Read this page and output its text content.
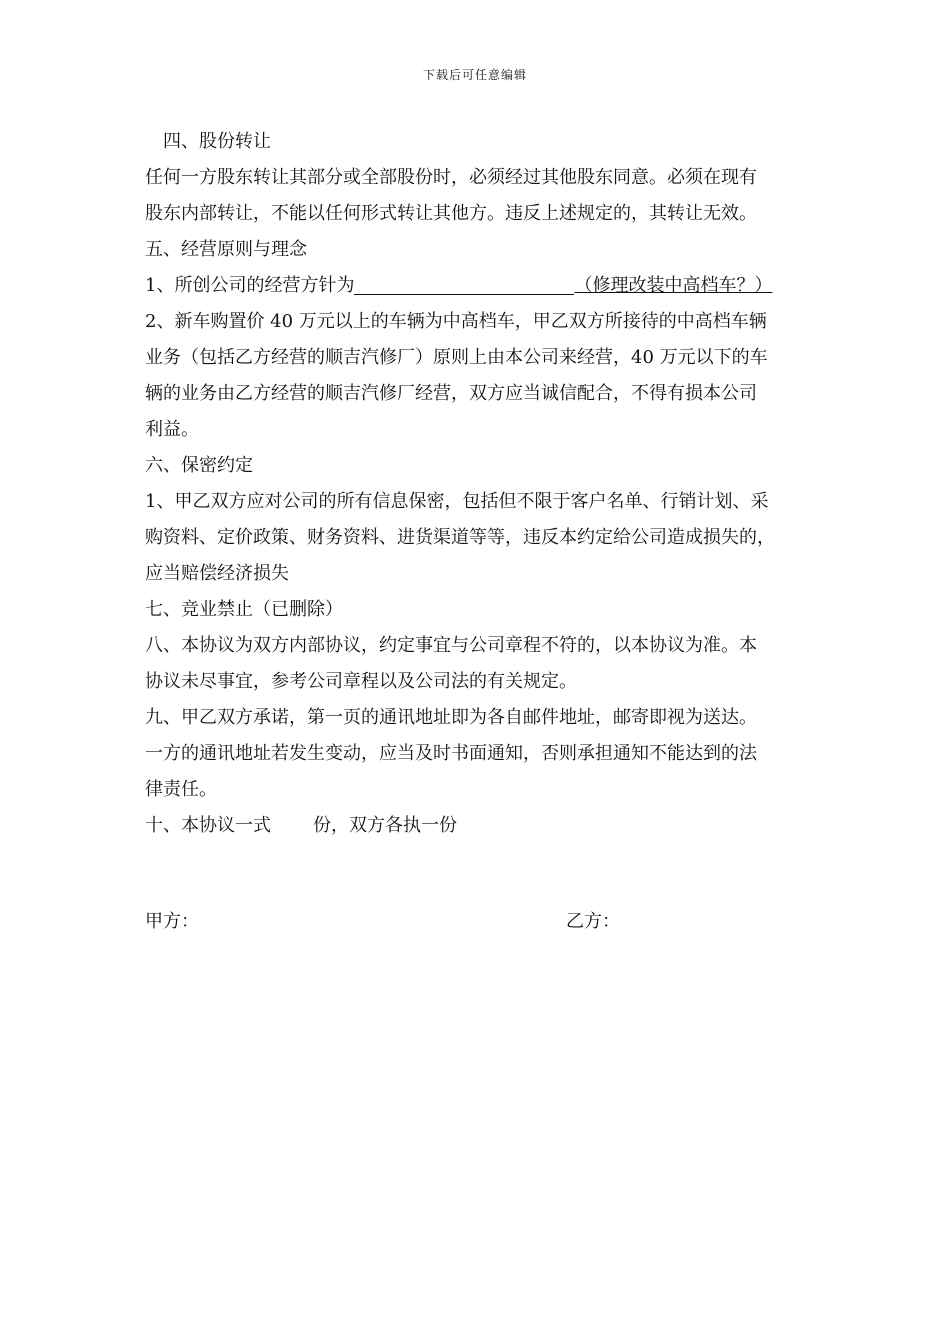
下载后可任意编辑

四、股份转让

任何一方股东转让其部分或全部股份时，必须经过其他股东同意。必须在现有

股东内部转让，不能以任何形式转让其他方。违反上述规定的，其转让无效。

五、经营原则与理念

1、所创公司的经营方针为	（修理改装中高档车？）

2、新车购置价 40 万元以上的车辆为中高档车，甲乙双方所接待的中高档车辆

业务（包括乙方经营的顺吉汽修厂）原则上由本公司来经营，40 万元以下的车

辆的业务由乙方经营的顺吉汽修厂经营，双方应当诚信配合，不得有损本公司

利益。

六、保密约定

1、甲乙双方应对公司的所有信息保密，包括但不限于客户名单、行销计划、采

购资料、定价政策、财务资料、进货渠道等等，违反本约定给公司造成损失的，

应当赔偿经济损失

七、竞业禁止（已删除）

八、本协议为双方内部协议，约定事宜与公司章程不符的，以本协议为准。本

协议未尽事宜，参考公司章程以及公司法的有关规定。

九、甲乙双方承诺，第一页的通讯地址即为各自邮件地址，邮寄即视为送达。

一方的通讯地址若发生变动，应当及时书面通知，否则承担通知不能达到的法

律责任。

十、本协议一式 份，双方各执一份

甲方：	乙方：
